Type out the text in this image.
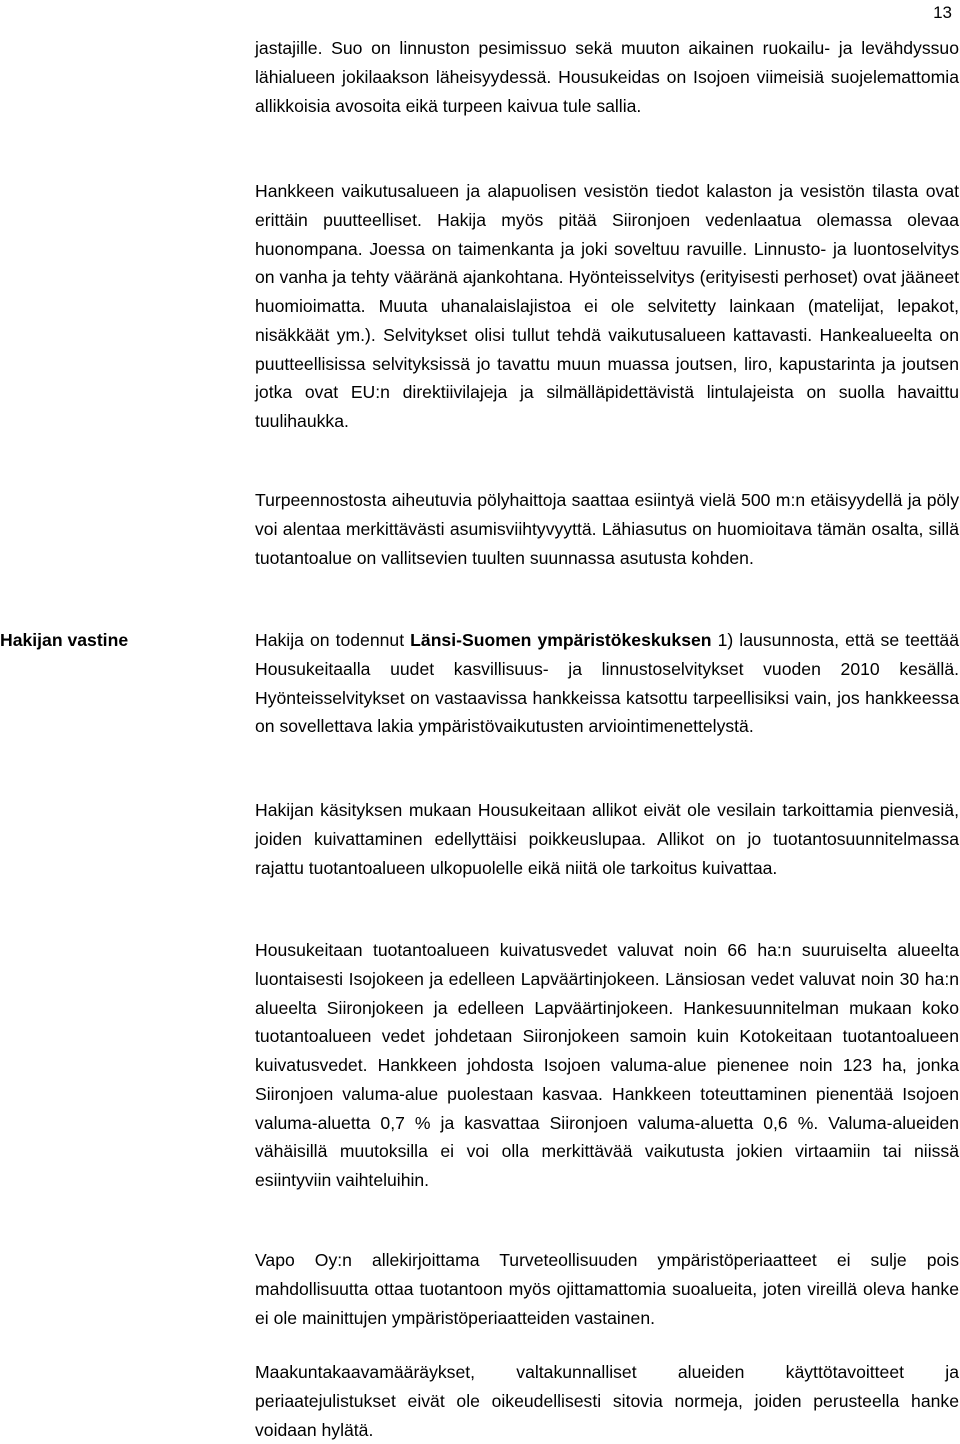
13

jastajille. Suo on linnuston pesimissuo sekä muuton aikainen ruokailu- ja levähdyssuo lähialueen jokilaakson läheisyydessä. Housukeidas on Isojoen viimeisiä suojelemattomia allikkoisia avosoita eikä turpeen kaivua tule sallia.

Hankkeen vaikutusalueen ja alapuolisen vesistön tiedot kalaston ja vesistön tilasta ovat erittäin puutteelliset. Hakija myös pitää Siironjoen vedenlaatua olemassa olevaa huonompana. Joessa on taimenkanta ja joki soveltuu ravuille. Linnusto- ja luontoselvitys on vanha ja tehty vääränä ajankohtana. Hyönteisselvitys (erityisesti perhoset) ovat jääneet huomioimatta. Muuta uhanalaislajistoa ei ole selvitetty lainkaan (matelijat, lepakot, nisäkkäät ym.). Selvitykset olisi tullut tehdä vaikutusalueen kattavasti. Hankealueelta on puutteellisissa selvityksissä jo tavattu muun muassa joutsen, liro, kapustarinta ja joutsen jotka ovat EU:n direktiivilajeja ja silmälläpidettävistä lintulajeista on suolla havaittu tuulihaukka.

Turpeennostosta aiheutuvia pölyhaittoja saattaa esiintyä vielä 500 m:n etäisyydellä ja pöly voi alentaa merkittävästi asumisviihtyvyyttä. Lähiasutus on huomioitava tämän osalta, sillä tuotantoalue on vallitsevien tuulten suunnassa asutusta kohden.

Hakijan vastine	Hakija on todennut Länsi-Suomen ympäristökeskuksen 1) lausunnosta, että se teettää Housukeitaalla uudet kasvillisuus- ja linnustoselvitykset vuoden 2010 kesällä. Hyönteisselvitykset on vastaavissa hankkeissa katsottu tarpeellisiksi vain, jos hankkeessa on sovellettava lakia ympäristövaikutusten arviointimenettelystä.

Hakijan käsityksen mukaan Housukeitaan allikot eivät ole vesilain tarkoittamia pienvesiä, joiden kuivattaminen edellyttäisi poikkeuslupaa. Allikot on jo tuotantosuunnitelmassa rajattu tuotantoalueen ulkopuolelle eikä niitä ole tarkoitus kuivattaa.

Housukeitaan tuotantoalueen kuivatusvedet valuvat noin 66 ha:n suuruiselta alueelta luontaisesti Isojokeen ja edelleen Lapväärtinjokeen. Länsiosan vedet valuvat noin 30 ha:n alueelta Siironjokeen ja edelleen Lapväärtinjokeen. Hankesuunnitelman mukaan koko tuotantoalueen vedet johdetaan Siironjokeen samoin kuin Kotokeitaan tuotantoalueen kuivatusvedet. Hankkeen johdosta Isojoen valuma-alue pienenee noin 123 ha, jonka Siironjoen valuma-alue puolestaan kasvaa. Hankkeen toteuttaminen pienentää Isojoen valuma-aluetta 0,7 % ja kasvattaa Siironjoen valuma-aluetta 0,6 %. Valuma-alueiden vähäisillä muutoksilla ei voi olla merkittävää vaikutusta jokien virtaamiin tai niissä esiintyviin vaihteluihin.

Vapo Oy:n allekirjoittama Turveteollisuuden ympäristöperiaatteet ei sulje pois mahdollisuutta ottaa tuotantoon myös ojittamattomia suoalueita, joten vireillä oleva hanke ei ole mainittujen ympäristöperiaatteiden vastainen.

Maakuntakaavamääräykset, valtakunnalliset alueiden käyttötavoitteet ja periaatejulistukset eivät ole oikeudellisesti sitovia normeja, joiden perusteella hanke voidaan hylätä.
